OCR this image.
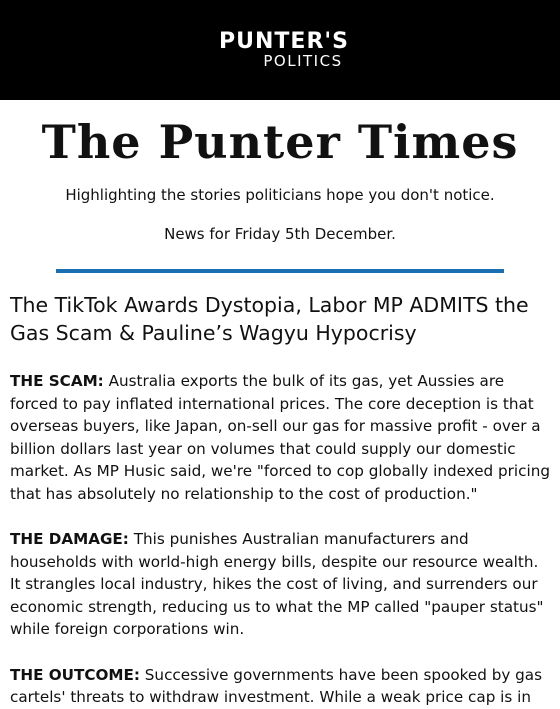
PUNTER'S
POLITICS
The Punter Times
Highlighting the stories politicians hope you don't notice.
News for Friday 5th December.
The TikTok Awards Dystopia, Labor MP ADMITS the Gas Scam & Pauline’s Wagyu Hypocrisy

THE SCAM: Australia exports the bulk of its gas, yet Aussies are forced to pay inflated international prices. The core deception is that overseas buyers, like Japan, on-sell our gas for massive profit - over a billion dollars last year on volumes that could supply our domestic market. As MP Husic said, we're "forced to cop globally indexed pricing that has absolutely no relationship to the cost of production."

THE DAMAGE: This punishes Australian manufacturers and households with world-high energy bills, despite our resource wealth. It strangles local industry, hikes the cost of living, and surrenders our economic strength, reducing us to what the MP called "pauper status" while foreign corporations win.

THE OUTCOME: Successive governments have been spooked by gas cartels' threats to withdraw investment. While a weak price cap is in
